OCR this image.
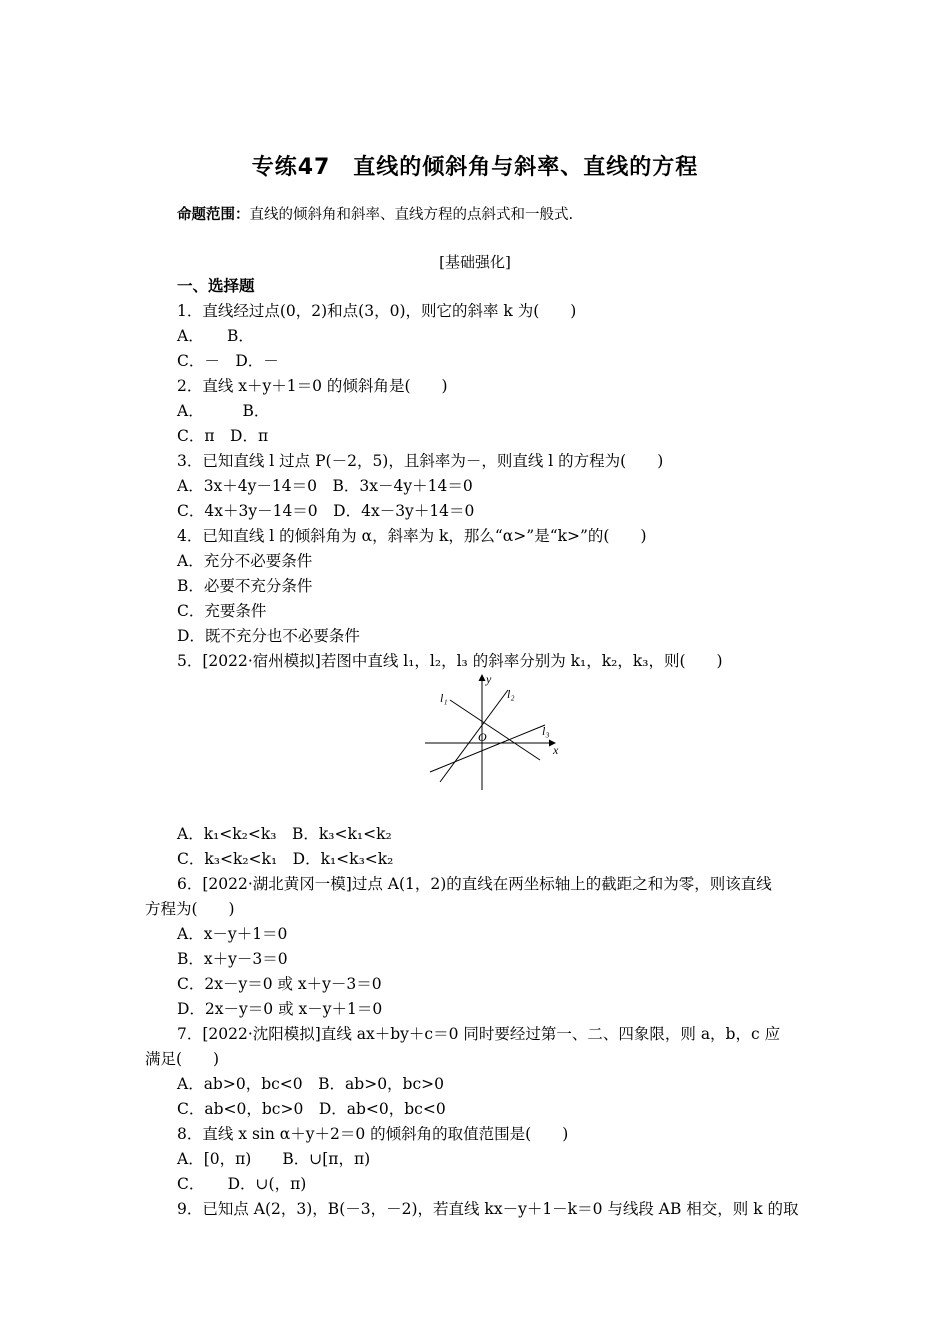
专练47　直线的倾斜角与斜率、直线的方程
命题范围：直线的倾斜角和斜率、直线方程的点斜式和一般式.
[基础强化]
一、选择题
1．直线经过点(0，2)和点(3，0)，则它的斜率 k 为(　　)
A．　　B．
C．－　D．－
2．直线 x＋y＋1＝0 的倾斜角是(　　)
A．　　　B．
C．π　D．π
3．已知直线 l 过点 P(－2，5)，且斜率为－，则直线 l 的方程为(　　)
A．3x＋4y－14＝0　B．3x－4y＋14＝0
C．4x＋3y－14＝0　D．4x－3y＋14＝0
4．已知直线 l 的倾斜角为 α，斜率为 k，那么“α>”是“k>”的(　　)
A．充分不必要条件
B．必要不充分条件
C．充要条件
D．既不充分也不必要条件
5．[2022·宿州模拟]若图中直线 l₁，l₂，l₃ 的斜率分别为 k₁，k₂，k₃，则(　　)
x
y
O
l₁	l₂
l₃
A．k₁<k₂<k₃　B．k₃<k₁<k₂
C．k₃<k₂<k₁　D．k₁<k₃<k₂
6．[2022·湖北黄冈一模]过点 A(1，2)的直线在两坐标轴上的截距之和为零，则该直线
方程为(　　)
A．x－y＋1＝0
B．x＋y－3＝0
C．2x－y＝0 或 x＋y－3＝0
D．2x－y＝0 或 x－y＋1＝0
7．[2022·沈阳模拟]直线 ax＋by＋c＝0 同时要经过第一、二、四象限，则 a，b，c 应
满足(　　)
A．ab>0，bc<0　B．ab>0，bc>0
C．ab<0，bc>0　D．ab<0，bc<0
8．直线 x sin α＋y＋2＝0 的倾斜角的取值范围是(　　)
A．[0，π)　　B．∪[π，π)
C．　　D．∪(，π)
9．已知点 A(2，3)，B(－3，－2)，若直线 kx－y＋1－k＝0 与线段 AB 相交，则 k 的取
